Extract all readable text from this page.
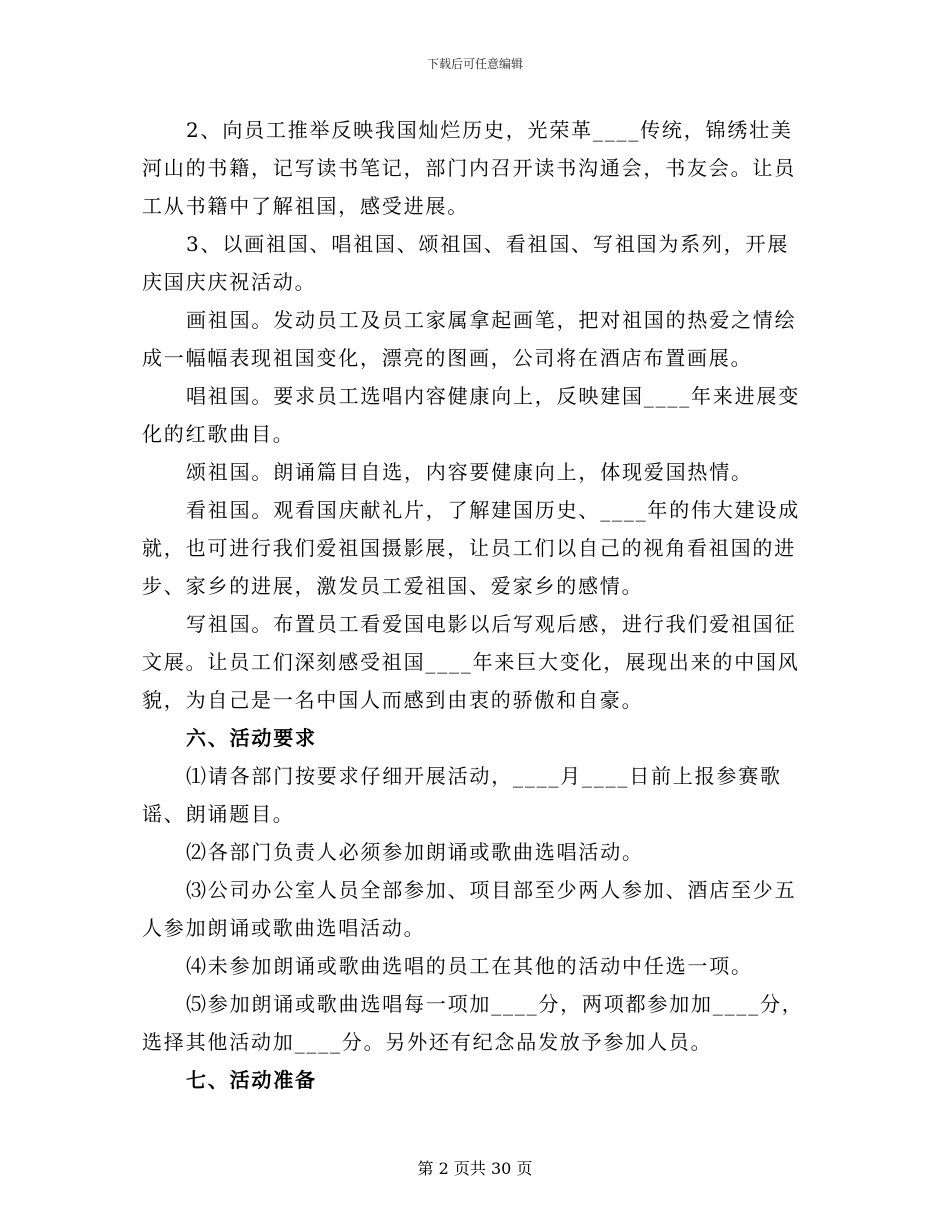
下载后可任意编辑

2、向员工推举反映我国灿烂历史，光荣革____传统，锦绣壮美河山的书籍，记写读书笔记，部门内召开读书沟通会，书友会。让员工从书籍中了解祖国，感受进展。

3、以画祖国、唱祖国、颂祖国、看祖国、写祖国为系列，开展庆国庆庆祝活动。

画祖国。发动员工及员工家属拿起画笔，把对祖国的热爱之情绘成一幅幅表现祖国变化，漂亮的图画，公司将在酒店布置画展。

唱祖国。要求员工选唱内容健康向上，反映建国____年来进展变化的红歌曲目。

颂祖国。朗诵篇目自选，内容要健康向上，体现爱国热情。

看祖国。观看国庆献礼片，了解建国历史、____年的伟大建设成就，也可进行我们爱祖国摄影展，让员工们以自己的视角看祖国的进步、家乡的进展，激发员工爱祖国、爱家乡的感情。

写祖国。布置员工看爱国电影以后写观后感，进行我们爱祖国征文展。让员工们深刻感受祖国____年来巨大变化，展现出来的中国风貌，为自己是一名中国人而感到由衷的骄傲和自豪。

六、活动要求

⑴请各部门按要求仔细开展活动，____月____日前上报参赛歌谣、朗诵题目。

⑵各部门负责人必须参加朗诵或歌曲选唱活动。

⑶公司办公室人员全部参加、项目部至少两人参加、酒店至少五人参加朗诵或歌曲选唱活动。

⑷未参加朗诵或歌曲选唱的员工在其他的活动中任选一项。

⑸参加朗诵或歌曲选唱每一项加____分，两项都参加加____分，选择其他活动加____分。另外还有纪念品发放予参加人员。

七、活动准备

第 2 页共 30 页
